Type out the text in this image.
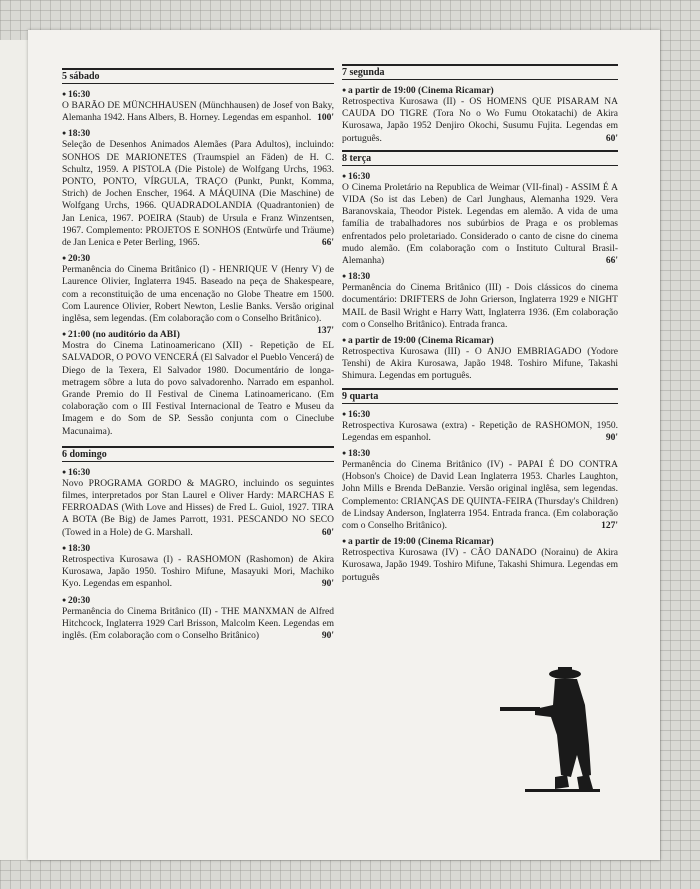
5 sábado

● 16:30

O BARÃO DE MÜNCHHAUSEN (Münchhausen) de Josef von Baky, Alemanha 1942. Hans Albers, B. Horney. Legendas em espanhol. 100'

● 18:30

Seleção de Desenhos Animados Alemães (Para Adultos), incluindo: SONHOS DE MARIONETES (Traumspiel an Fäden) de H. C. Schultz, 1959. A PISTOLA (Die Pistole) de Wolfgang Urchs, 1963. PONTO, PONTO, VÍRGULA, TRAÇO (Punkt, Punkt, Komma, Strich) de Jochen Enscher, 1964. A MÁQUINA (Die Maschine) de Wolfgang Urchs, 1966. QUADRADOLANDIA (Quadrantonien) de Jan Lenica, 1967. POEIRA (Staub) de Ursula e Franz Winzentsen, 1967. Complemento: PROJETOS E SONHOS (Entwürfe und Träume) de Jan Lenica e Peter Berling, 1965.	66'

● 20:30

Permanência do Cinema Britânico (I) - HENRIQUE V (Henry V) de Laurence Olivier, Inglaterra 1945. Baseado na peça de Shakespeare, com a reconstituição de uma encenação no Globe Theatre em 1500. Com Laurence Olivier, Robert Newton, Leslie Banks. Versão original inglêsa, sem legendas. (Em colaboração com o Conselho Britânico).
137'

● 21:00 (no auditório da ABI)

Mostra do Cinema Latinoamericano (XII) - Repetição de EL SALVADOR, O POVO VENCERÁ (El Salvador el Pueblo Vencerá) de Diego de la Texera, El Salvador 1980. Documentário de longa-metragem sôbre a luta do povo salvadorenho. Narrado em espanhol. Grande Premio do II Festival de Cinema Latinoamericano. (Em colaboração com o III Festival Internacional de Teatro e Museu da Imagem e do Som de SP. Sessão conjunta com o Cineclube Macunaima).

6 domingo

● 16:30

Novo PROGRAMA GORDO & MAGRO, incluindo os seguintes filmes, interpretados por Stan Laurel e Oliver Hardy: MARCHAS E FERROADAS (With Love and Hisses) de Fred L. Guiol, 1927. TIRA A BOTA (Be Big) de James Parrott, 1931. PESCANDO NO SECO (Towed in a Hole) de G. Marshall.	60'

● 18:30

Retrospectiva Kurosawa (I) - RASHOMON (Rashomon) de Akira Kurosawa, Japão 1950. Toshiro Mifune, Masayuki Mori, Machiko Kyo. Legendas em espanhol.	90'

● 20:30

Permanência do Cinema Britânico (II) - THE MANXMAN de Alfred Hitchcock, Inglaterra 1929 Carl Brisson, Malcolm Keen. Legendas em inglês. (Em colaboração com o Conselho Britânico)	90'

7 segunda

● a partir de 19:00 (Cinema Ricamar)

Retrospectiva Kurosawa (II) - OS HOMENS QUE PISARAM NA CAUDA DO TIGRE (Tora No o Wo Fumu Otokatachi) de Akira Kurosawa, Japão 1952 Denjiro Okochi, Susumu Fujita. Legendas em português.	60'

8 terça

● 16:30

O Cinema Proletário na Republica de Weimar (VII-final) - ASSIM É A VIDA (So ist das Leben) de Carl Junghaus, Alemanha 1929. Vera Baranovskaia, Theodor Pistek. Legendas em alemão. A vida de uma família de trabalhadores nos subúrbios de Praga e os problemas enfrentados pelo proletariado. Considerado o canto de cisne do cinema mudo alemão. (Em colaboração com o Instituto Cultural Brasil-Alemanha)	66'

● 18:30

Permanência do Cinema Britânico (III) - Dois clássicos do cinema documentário: DRIFTERS de John Grierson, Inglaterra 1929 e NIGHT MAIL de Basil Wright e Harry Watt, Inglaterra 1936. (Em colaboração com o Conselho Britânico). Entrada franca.

● a partir de 19:00 (Cinema Ricamar)

Retrospectiva Kurosawa (III) - O ANJO EMBRIAGADO (Yodore Tenshi) de Akira Kurosawa, Japão 1948. Toshiro Mifune, Takashi Shimura. Legendas em português.

9 quarta

● 16:30

Retrospectiva Kurosawa (extra) - Repetição de RASHOMON, 1950. Legendas em espanhol.	90'

● 18:30

Permanência do Cinema Britânico (IV) - PAPAI É DO CONTRA (Hobson's Choice) de David Lean Inglaterra 1953. Charles Laughton, John Mills e Brenda DeBanzie. Versão original inglêsa, sem legendas. Complemento: CRIANÇAS DE QUINTA-FEIRA (Thursday's Children) de Lindsay Anderson, Inglaterra 1954. Entrada franca. (Em colaboração com o Conselho Britânico).	127'

● a partir de 19:00 (Cinema Ricamar)

Retrospectiva Kurosawa (IV) - CÃO DANADO (Norainu) de Akira Kurosawa, Japão 1949. Toshiro Mifune, Takashi Shimura. Legendas em português
